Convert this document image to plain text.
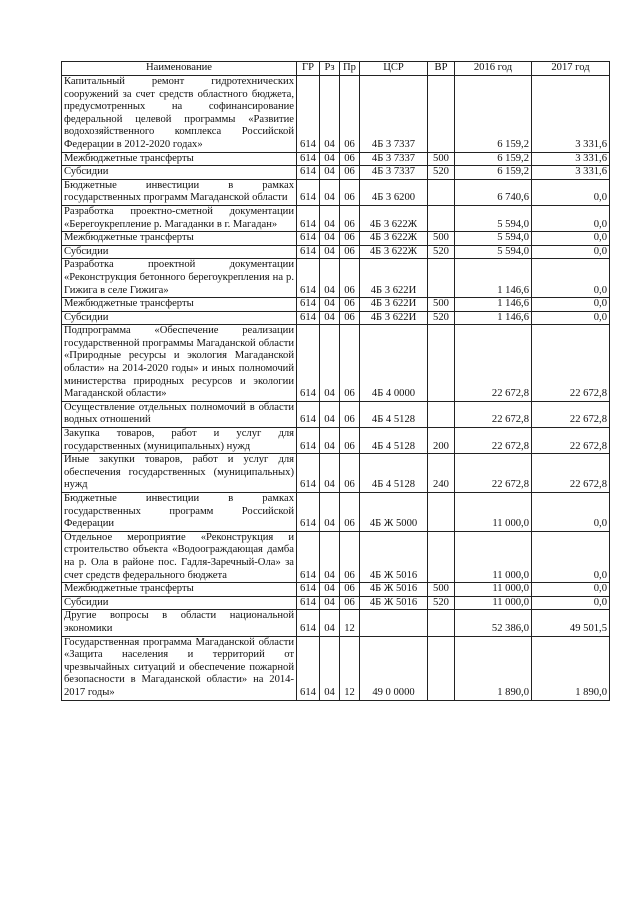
Наименование	ГР	Рз	Пр	ЦСР	ВР	2016 год	2017 год
Капитальный ремонт гидротехнических сооружений за счет средств областного бюджета, предусмотренных на софинансирование федеральной целевой программы «Развитие водохозяйственного комплекса Российской Федерации в 2012-2020 годах»	614	04	06	4Б 3 7337		6 159,2	3 331,6
Межбюджетные трансферты	614	04	06	4Б 3 7337	500	6 159,2	3 331,6
Субсидии	614	04	06	4Б 3 7337	520	6 159,2	3 331,6
Бюджетные инвестиции в рамках государственных программ Магаданской области	614	04	06	4Б 3 6200		6 740,6	0,0
Разработка проектно-сметной документации «Берегоукрепление р. Магаданки в г. Магадан»	614	04	06	4Б 3 622Ж		5 594,0	0,0
Межбюджетные трансферты	614	04	06	4Б 3 622Ж	500	5 594,0	0,0
Субсидии	614	04	06	4Б 3 622Ж	520	5 594,0	0,0
Разработка проектной документации «Реконструкция бетонного берегоукрепления на р. Гижига в селе Гижига»	614	04	06	4Б 3 622И		1 146,6	0,0
Межбюджетные трансферты	614	04	06	4Б 3 622И	500	1 146,6	0,0
Субсидии	614	04	06	4Б 3 622И	520	1 146,6	0,0
Подпрограмма «Обеспечение реализации государственной программы Магаданской области «Природные ресурсы и экология Магаданской области» на 2014-2020 годы» и иных полномочий министерства природных ресурсов и экологии Магаданской области»	614	04	06	4Б 4 0000		22 672,8	22 672,8
Осуществление отдельных полномочий в области водных отношений	614	04	06	4Б 4 5128		22 672,8	22 672,8
Закупка товаров, работ и услуг для государственных (муниципальных) нужд	614	04	06	4Б 4 5128	200	22 672,8	22 672,8
Иные закупки товаров, работ и услуг для обеспечения государственных (муниципальных) нужд	614	04	06	4Б 4 5128	240	22 672,8	22 672,8
Бюджетные инвестиции в рамках государственных программ Российской Федерации	614	04	06	4Б Ж 5000		11 000,0	0,0
Отдельное мероприятие «Реконструкция и строительство объекта «Водоограждающая дамба на р. Ола в районе пос. Гадля-Заречный-Ола» за счет средств федерального бюджета	614	04	06	4Б Ж 5016		11 000,0	0,0
Межбюджетные трансферты	614	04	06	4Б Ж 5016	500	11 000,0	0,0
Субсидии	614	04	06	4Б Ж 5016	520	11 000,0	0,0
Другие вопросы в области национальной экономики	614	04	12			52 386,0	49 501,5
Государственная программа Магаданской области «Защита населения и территорий от чрезвычайных ситуаций и обеспечение пожарной безопасности в Магаданской области» на 2014-2017 годы»	614	04	12	49 0 0000		1 890,0	1 890,0
